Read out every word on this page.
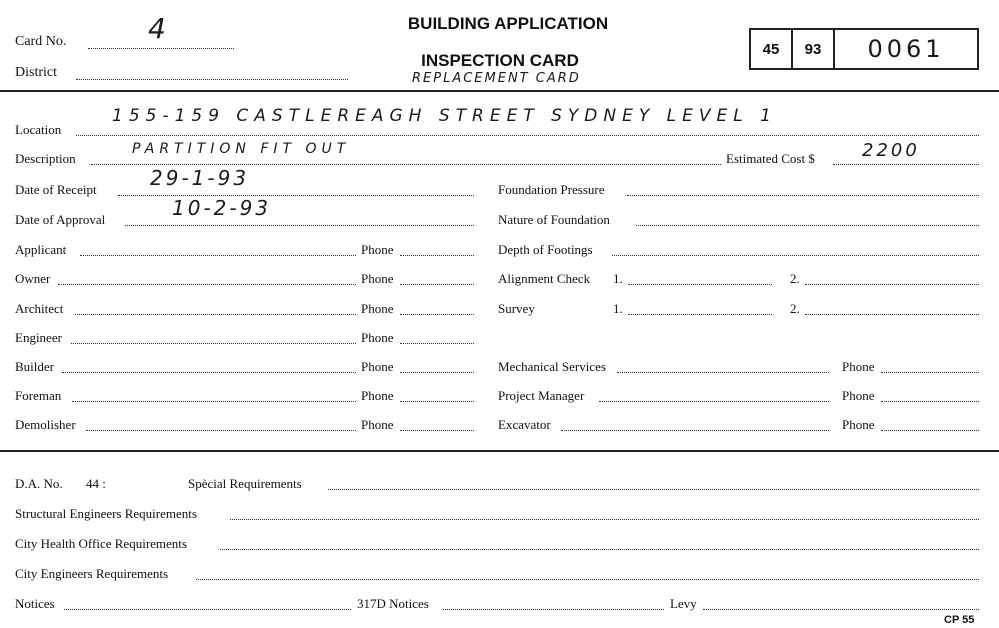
Card No.	4
District
BUILDING APPLICATION
INSPECTION CARD
REPLACEMENT CARD
45 93 0061
Location
155-159 CASTLEREAGH STREET SYDNEY LEVEL 1
Description
PARTITION FIT OUT
Estimated Cost $	2200
Date of Receipt	29-1-93	Foundation Pressure
Date of Approval	10-2-93	Nature of Foundation
Applicant	Phone	Depth of Footings
Owner	Phone	Alignment Check 1.	2.
Architect	Phone	Survey	1.	2.
Engineer	Phone
Builder	Phone	Mechanical Services	Phone
Foreman	Phone	Project Manager	Phone
Demolisher	Phone	Excavator	Phone
D.A. No. 44 :	Spècial Requirements
Structural Engineers Requirements
City Health Office Requirements
City Engineers Requirements
Notices	317D Notices	Levy
CP 55
